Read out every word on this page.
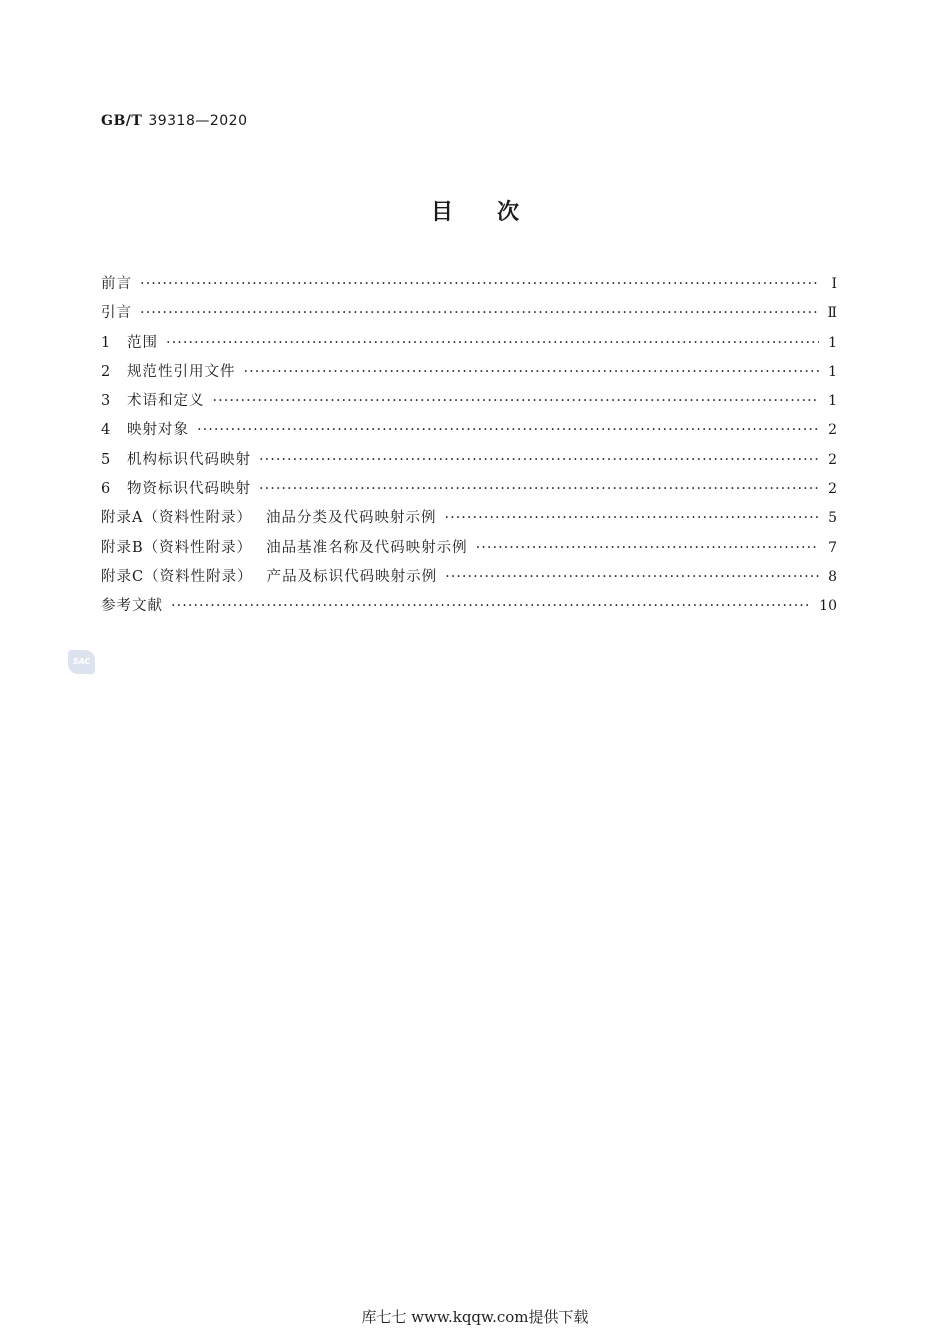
GB/T 39318—2020
目次
前言 ·····	Ⅰ
引言 ·····	Ⅱ
1	范围 ·····	1
2	规范性引用文件 ·····	1
3	术语和定义 ·····	1
4	映射对象 ·····	2
5	机构标识代码映射 ·····	2
6	物资标识代码映射 ·····	2
附录A（资料性附录） 油品分类及代码映射示例 ·····	5
附录B（资料性附录） 油品基准名称及代码映射示例 ·····	7
附录C（资料性附录） 产品及标识代码映射示例 ·····	8
参考文献 ·····	10
SAC
库七七 www.kqqw.com提供下载
